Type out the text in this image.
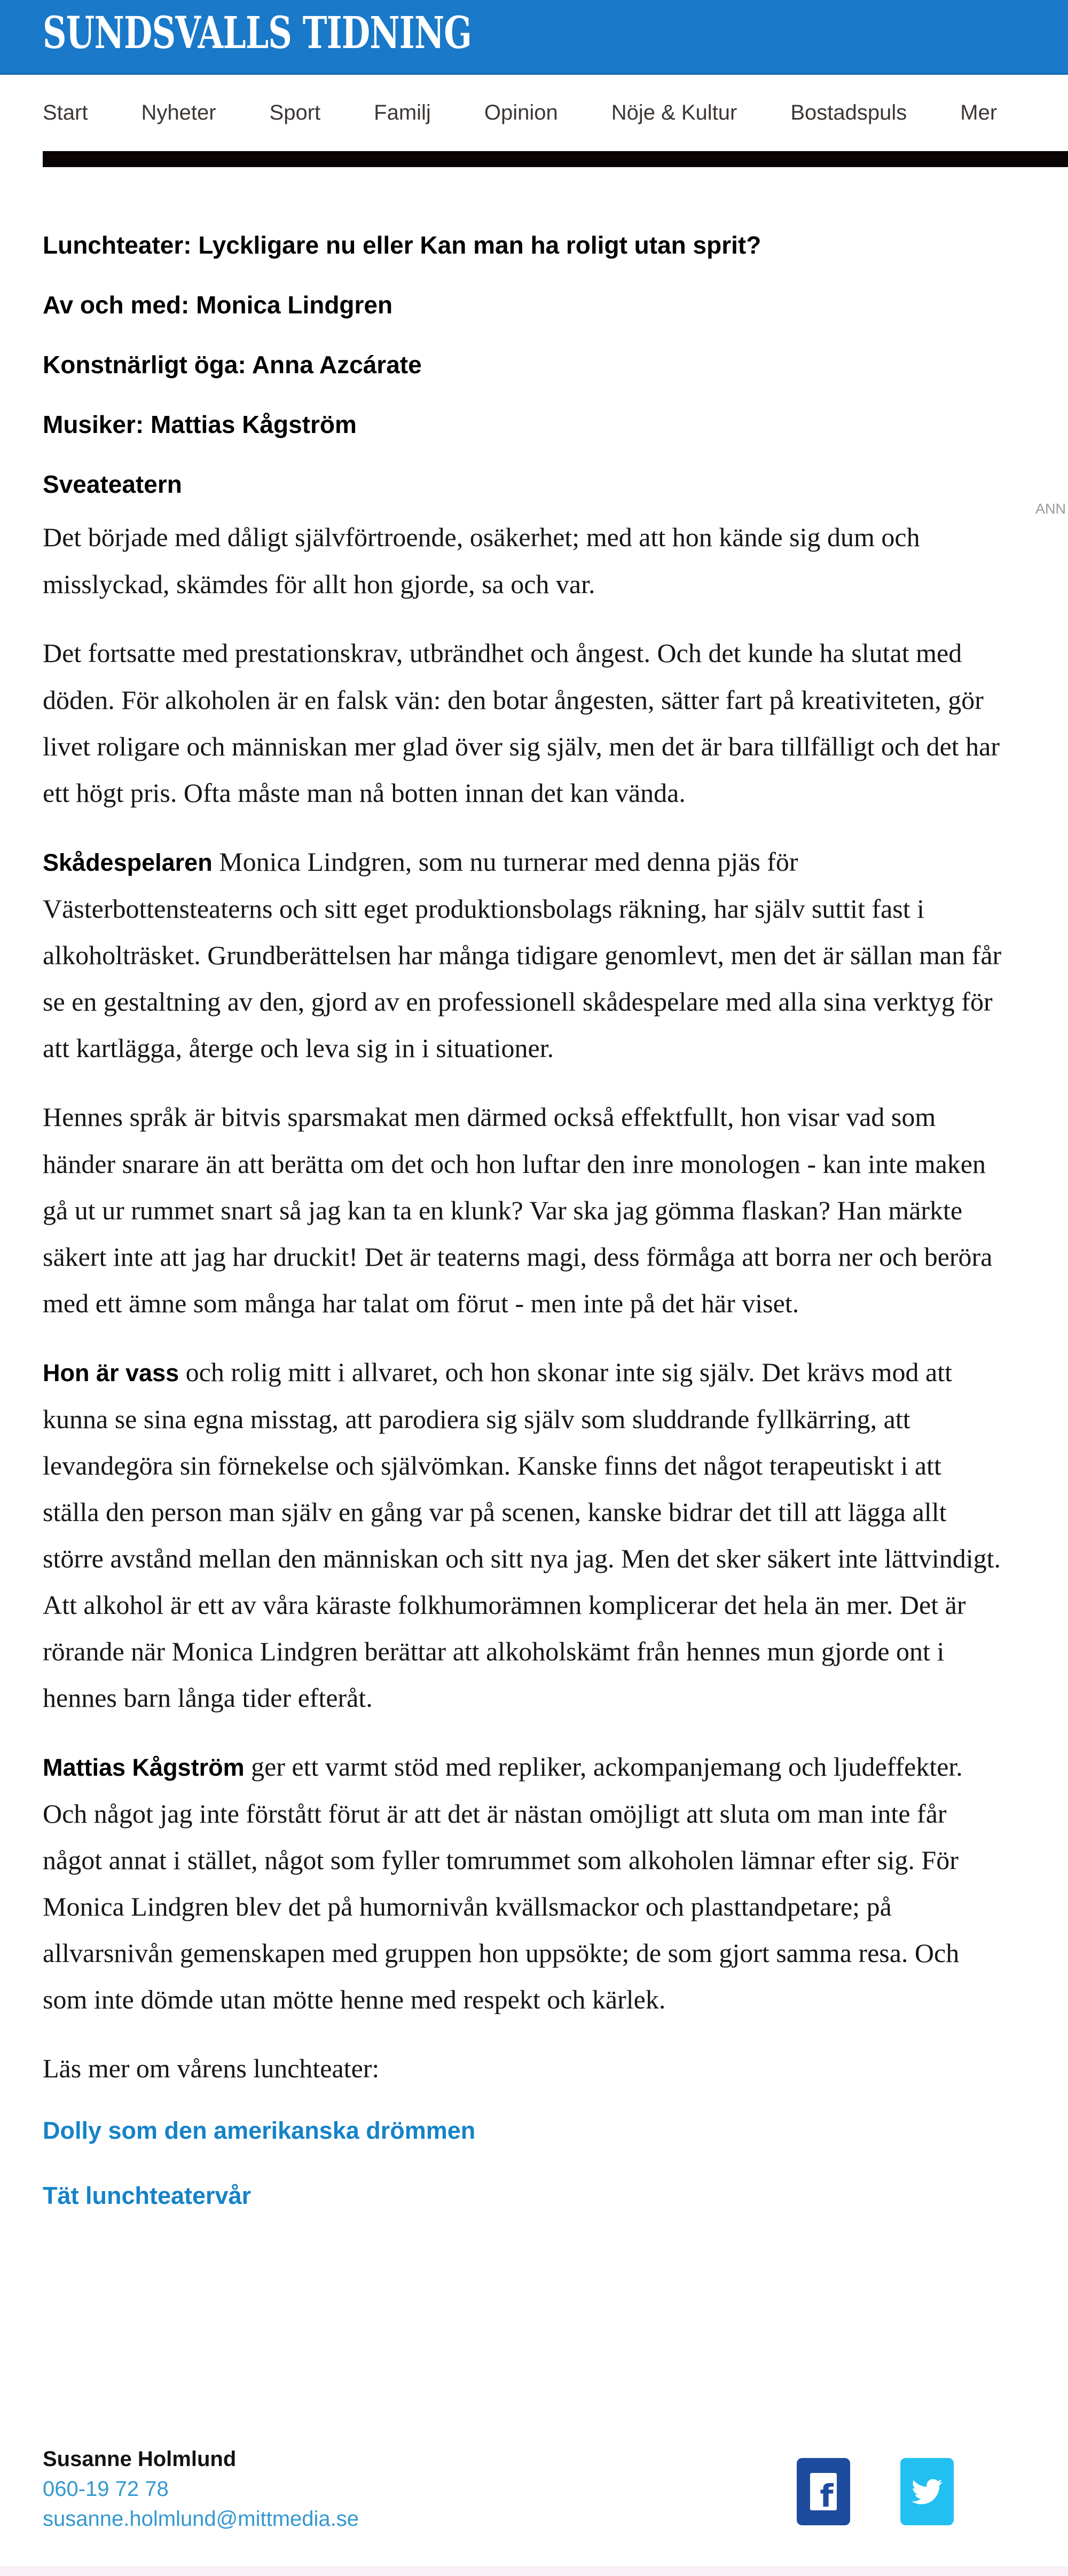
SUNDSVALLS TIDNING
Start	Nyheter	Sport	Familj	Opinion	Nöje & Kultur	Bostadspuls	Mer
ANN
Lunchteater: Lyckligare nu eller Kan man ha roligt utan sprit?
Av och med: Monica Lindgren
Konstnärligt öga: Anna Azcárate
Musiker: Mattias Kågström
Sveateatern

Det började med dåligt självförtroende, osäkerhet; med att hon kände sig dum och misslyckad, skämdes för allt hon gjorde, sa och var.

Det fortsatte med prestationskrav, utbrändhet och ångest. Och det kunde ha slutat med döden. För alkoholen är en falsk vän: den botar ångesten, sätter fart på kreativiteten, gör livet roligare och människan mer glad över sig själv, men det är bara tillfälligt och det har ett högt pris. Ofta måste man nå botten innan det kan vända.

Skådespelaren Monica Lindgren, som nu turnerar med denna pjäs för Västerbottensteaterns och sitt eget produktionsbolags räkning, har själv suttit fast i alkoholträsket. Grundberättelsen har många tidigare genomlevt, men det är sällan man får se en gestaltning av den, gjord av en professionell skådespelare med alla sina verktyg för att kartlägga, återge och leva sig in i situationer.

Hennes språk är bitvis sparsmakat men därmed också effektfullt, hon visar vad som händer snarare än att berätta om det och hon luftar den inre monologen - kan inte maken gå ut ur rummet snart så jag kan ta en klunk? Var ska jag gömma flaskan? Han märkte säkert inte att jag har druckit! Det är teaterns magi, dess förmåga att borra ner och beröra med ett ämne som många har talat om förut - men inte på det här viset.

Hon är vass och rolig mitt i allvaret, och hon skonar inte sig själv. Det krävs mod att kunna se sina egna misstag, att parodiera sig själv som sluddrande fyllkärring, att levandegöra sin förnekelse och självömkan. Kanske finns det något terapeutiskt i att ställa den person man själv en gång var på scenen, kanske bidrar det till att lägga allt större avstånd mellan den människan och sitt nya jag. Men det sker säkert inte lättvindigt. Att alkohol är ett av våra käraste folkhumorämnen komplicerar det hela än mer. Det är rörande när Monica Lindgren berättar att alkoholskämt från hennes mun gjorde ont i hennes barn långa tider efteråt.

Mattias Kågström ger ett varmt stöd med repliker, ackompanjemang och ljudeffekter. Och något jag inte förstått förut är att det är nästan omöjligt att sluta om man inte får något annat i stället, något som fyller tomrummet som alkoholen lämnar efter sig. För Monica Lindgren blev det på humornivån kvällsmackor och plasttandpetare; på allvarsnivån gemenskapen med gruppen hon uppsökte; de som gjort samma resa. Och som inte dömde utan mötte henne med respekt och kärlek.

Läs mer om vårens lunchteater:

Dolly som den amerikanska drömmen
Tät lunchteatervår
Susanne Holmlund
060-19 72 78
susanne.holmlund@mittmedia.se
f
